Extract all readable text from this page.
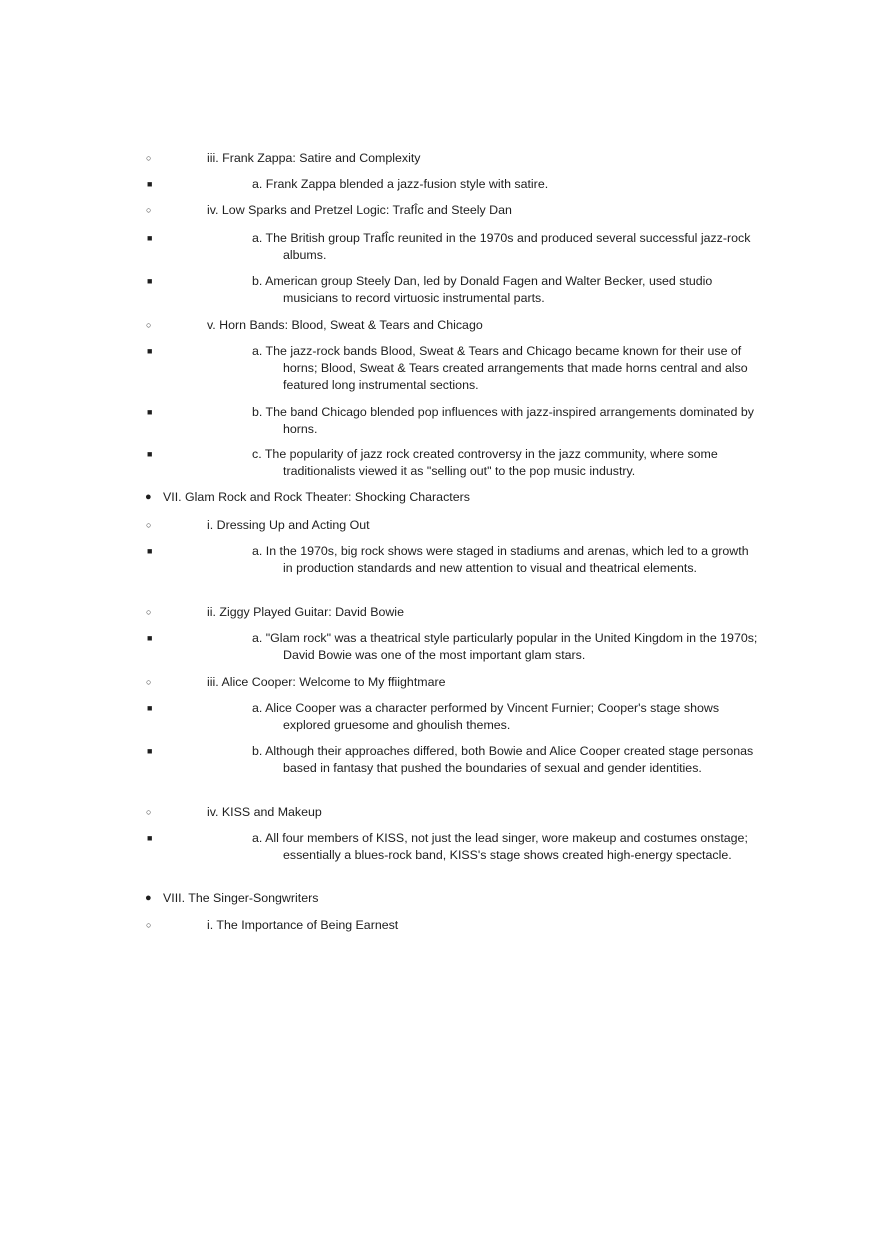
○	iii. Frank Zappa: Satire and Complexity
■	a. Frank Zappa blended a jazz-fusion style with satire.
○	iv. Low Sparks and Pretzel Logic: TrafÎc and Steely Dan
■	a. The British group TrafÎc reunited in the 1970s and produced several successful jazz-rock albums.
■	b. American group Steely Dan, led by Donald Fagen and Walter Becker, used studio musicians to record virtuosic instrumental parts.
○	v. Horn Bands: Blood, Sweat & Tears and Chicago
■	a. The jazz-rock bands Blood, Sweat & Tears and Chicago became known for their use of horns; Blood, Sweat & Tears created arrangements that made horns central and also featured long instrumental sections.
■	b. The band Chicago blended pop influences with jazz-inspired arrangements dominated by horns.
■	c. The popularity of jazz rock created controversy in the jazz community, where some traditionalists viewed it as "selling out" to the pop music industry.
● VII. Glam Rock and Rock Theater: Shocking Characters
○	i. Dressing Up and Acting Out
■	a. In the 1970s, big rock shows were staged in stadiums and arenas, which led to a growth in production standards and new attention to visual and theatrical elements.
○	ii. Ziggy Played Guitar: David Bowie
■	a. "Glam rock" was a theatrical style particularly popular in the United Kingdom in the 1970s; David Bowie was one of the most important glam stars.
○	iii. Alice Cooper: Welcome to My ffiightmare
■	a. Alice Cooper was a character performed by Vincent Furnier; Cooper's stage shows explored gruesome and ghoulish themes.
■	b. Although their approaches differed, both Bowie and Alice Cooper created stage personas based in fantasy that pushed the boundaries of sexual and gender identities.
○	iv. KISS and Makeup
■	a. All four members of KISS, not just the lead singer, wore makeup and costumes onstage; essentially a blues-rock band, KISS's stage shows created high-energy spectacle.
● VIII. The Singer-Songwriters
○	i. The Importance of Being Earnest
